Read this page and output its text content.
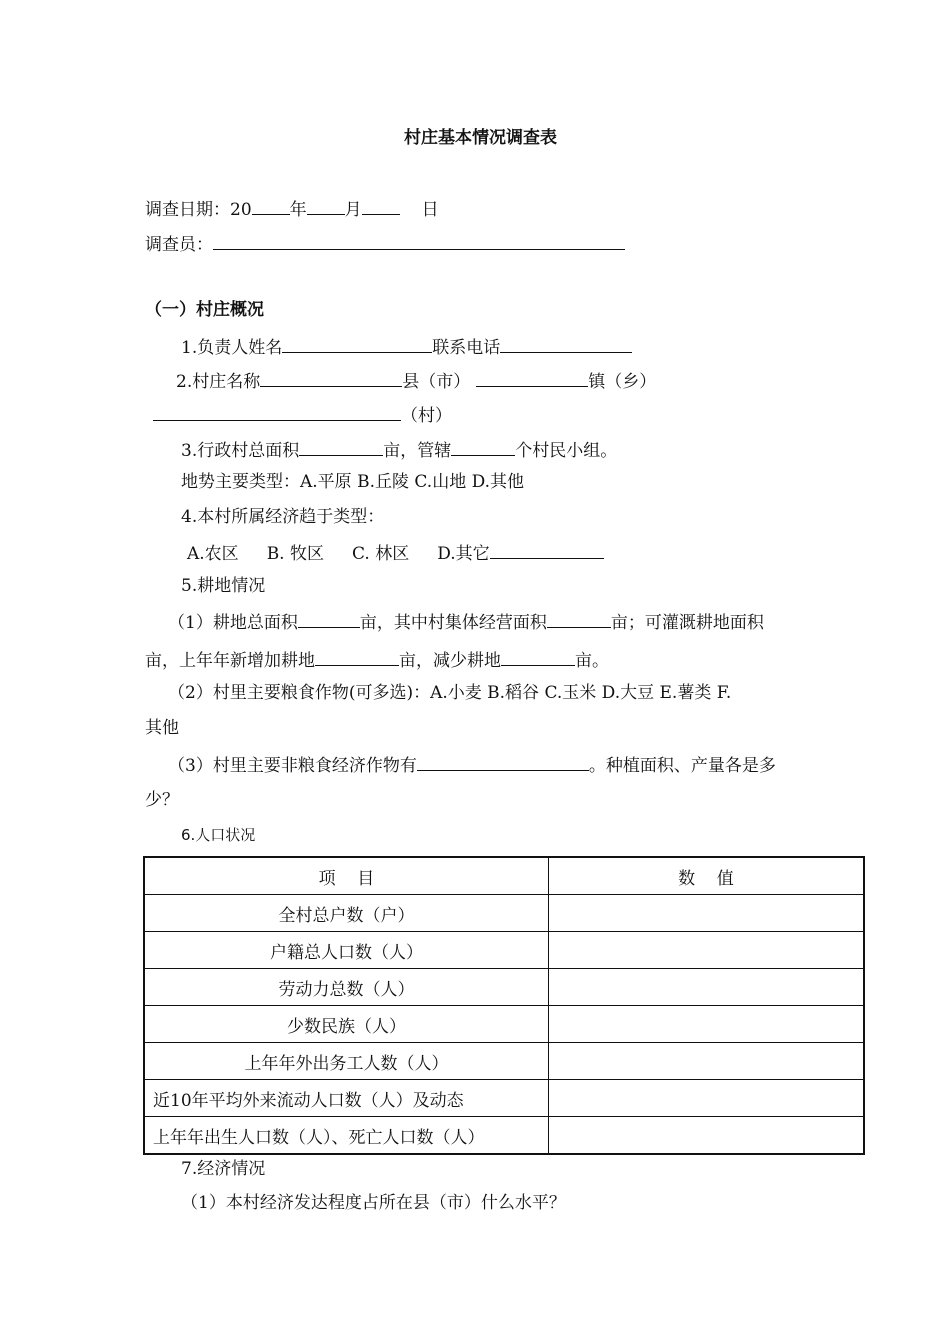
村庄基本情况调查表
调查日期：20 年 月	日
调查员：
（一）村庄概况
1.负责人姓名	联系电话
2.村庄名称	县（市）	镇（乡）
（村）
3.行政村总面积	亩，管辖	个村民小组。
地势主要类型：A.平原 B.丘陵 C.山地 D.其他
4.本村所属经济趋于类型：
A.农区 B. 牧区 C. 林区 D.其它
5.耕地情况
（1）耕地总面积	亩，其中村集体经营面积	亩；可灌溉耕地面积
亩，上年年新增加耕地	亩，减少耕地	亩。
（2）村里主要粮食作物(可多选)：A.小麦 B.稻谷 C.玉米 D.大豆 E.薯类 F.
其他
（3）村里主要非粮食经济作物有	。种植面积、产量各是多
少？
6.人口状况
项    目	数    值
全村总户数（户）	
户籍总人口数（人）	
劳动力总数（人）	
少数民族（人）	
上年年外出务工人数（人）	
近10年平均外来流动人口数（人）及动态	
上年年出生人口数（人）、死亡人口数（人）	
7.经济情况
（1）本村经济发达程度占所在县（市）什么水平？
